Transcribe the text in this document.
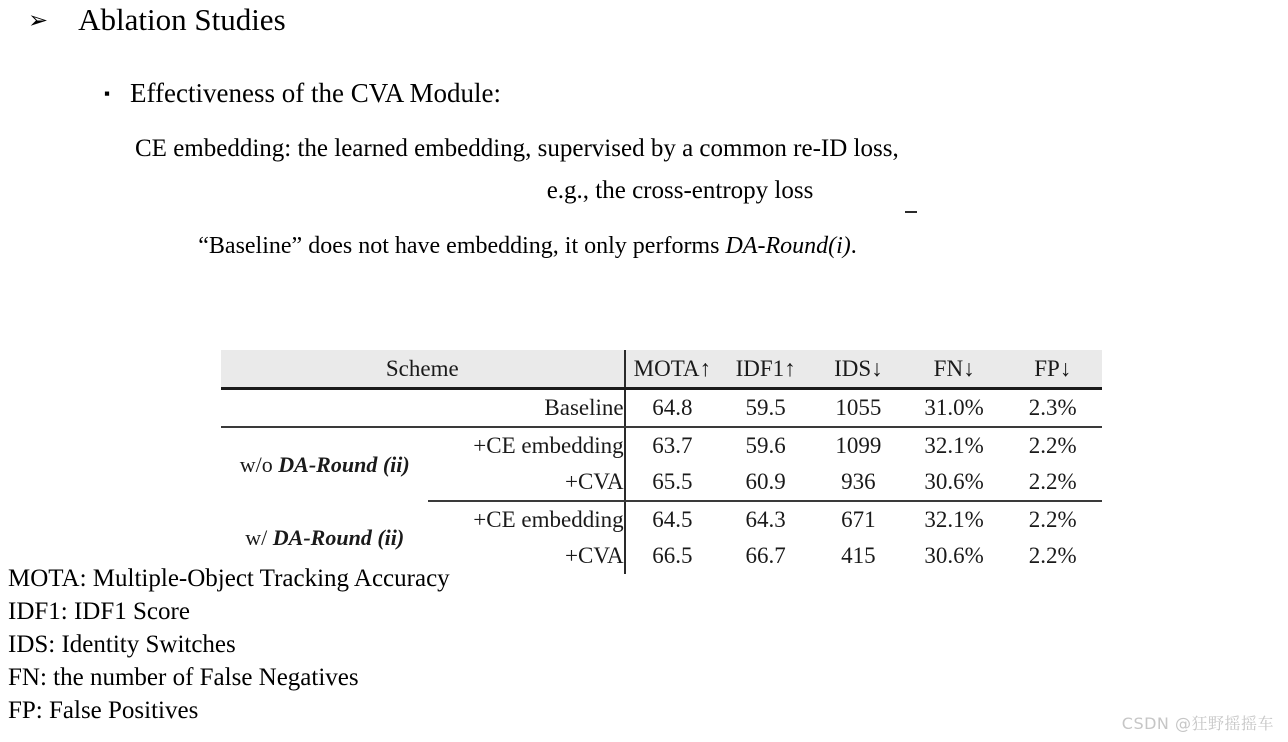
➢ Ablation Studies
▪ Effectiveness of the CVA Module:
CE embedding: the learned embedding, supervised by a common re-ID loss,
e.g., the cross-entropy loss
“Baseline” does not have embedding, it only performs DA-Round(i).
Scheme		MOTA↑	IDF1↑	IDS↓	FN↓	FP↓
	Baseline	64.8	59.5	1055	31.0%	2.3%
w/o DA-Round (ii)	+CE embedding	63.7	59.6	1099	32.1%	2.2%
	+CVA	65.5	60.9	936	30.6%	2.2%
w/ DA-Round (ii)	+CE embedding	64.5	64.3	671	32.1%	2.2%
	+CVA	66.5	66.7	415	30.6%	2.2%
MOTA: Multiple-Object Tracking Accuracy
IDF1: IDF1 Score
IDS: Identity Switches
FN: the number of False Negatives
FP: False Positives	CSDN @狂野摇摇车
